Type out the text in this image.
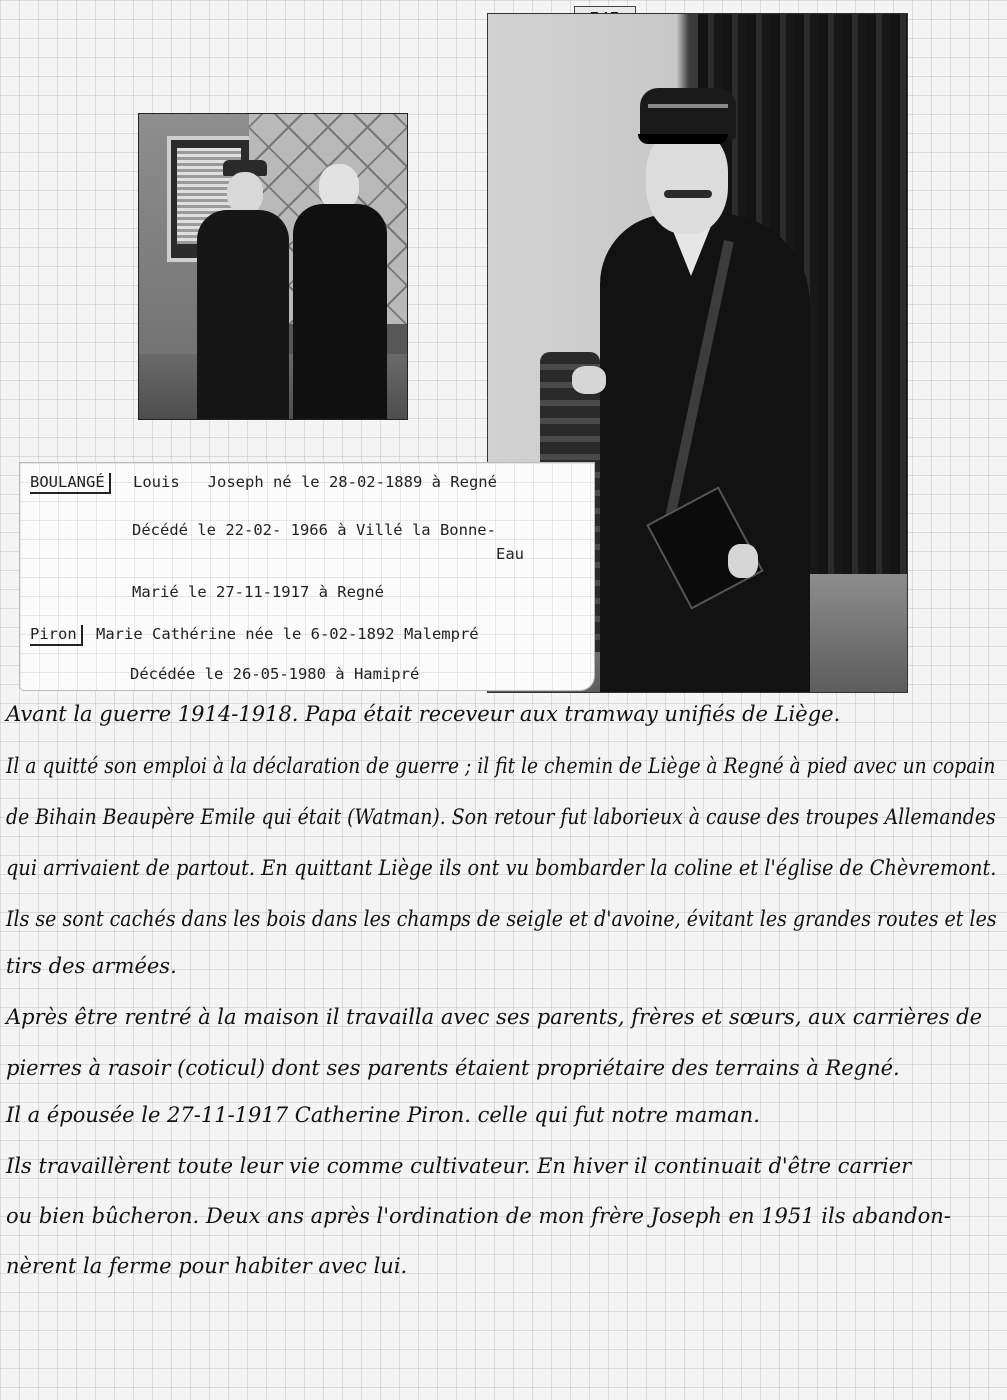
BOULANGÉ	Louis   Joseph né le 28-02-1889 à Regné
Décédé le 22-02- 1966 à Villé la Bonne-
Eau
Marié le 27-11-1917 à Regné
Piron	Marie Cathérine née le 6-02-1892 Malempré
Décédée le 26-05-1980 à Hamipré
Avant la guerre 1914-1918. Papa était receveur aux tramway unifiés de Liège.
Il a quitté son emploi à la déclaration de guerre ; il fit le chemin de Liège à Regné à pied avec un copain
de Bihain Beaupère Emile qui était (Watman). Son retour fut laborieux à cause des troupes Allemandes
qui arrivaient de partout. En quittant Liège ils ont vu bombarder la coline et l'église de Chèvremont.
Ils se sont cachés dans les bois dans les champs de seigle et d'avoine, évitant les grandes routes et les
tirs des armées.
Après être rentré à la maison il travailla avec ses parents, frères et sœurs, aux carrières de
pierres à rasoir (coticul) dont ses parents étaient propriétaire des terrains à Regné.
Il a épousée le 27-11-1917 Catherine Piron. celle qui fut notre maman.
Ils travaillèrent toute leur vie comme cultivateur. En hiver il continuait d'être carrier
ou bien bûcheron. Deux ans après l'ordination de mon frère Joseph en 1951 ils abandon-
nèrent la ferme pour habiter avec lui.
